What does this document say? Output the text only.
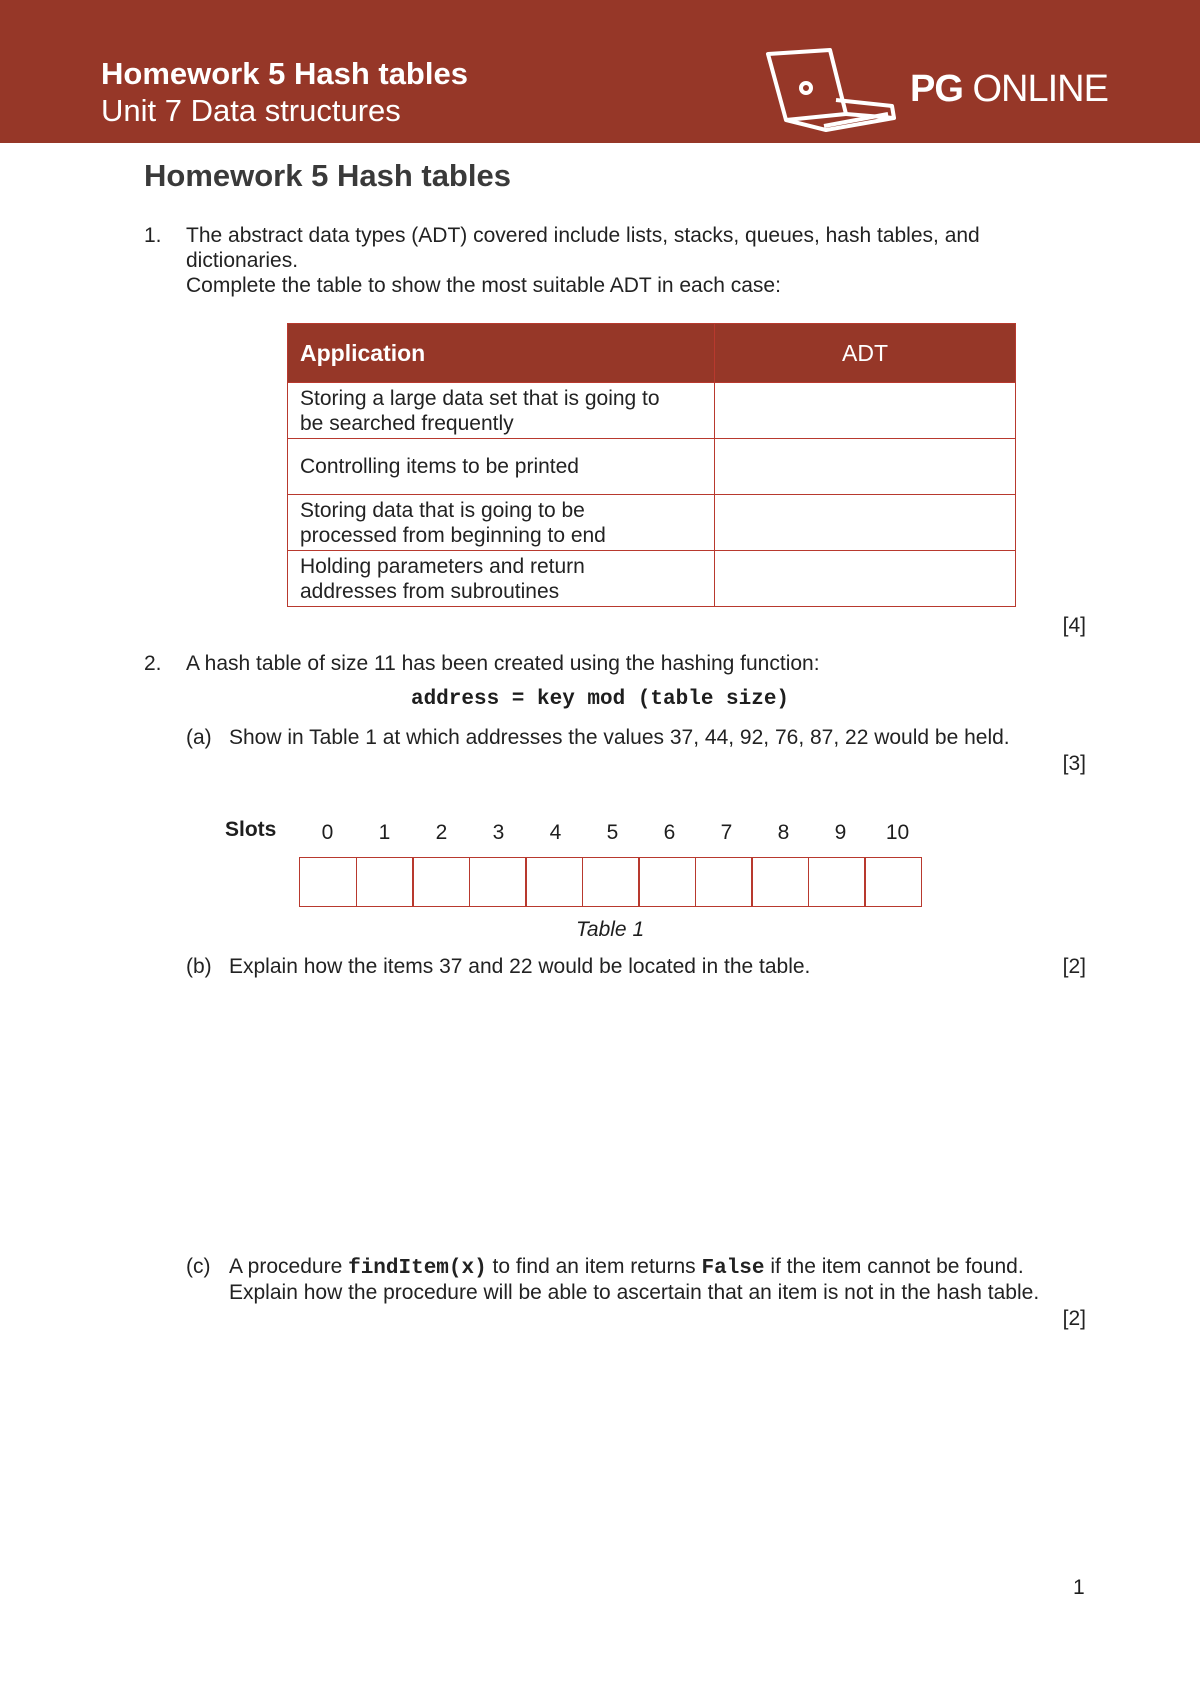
Homework 5 Hash tables
Unit 7 Data structures
PG ONLINE
Homework 5 Hash tables
1. The abstract data types (ADT) covered include lists, stacks, queues, hash tables, and
dictionaries.
Complete the table to show the most suitable ADT in each case:
Application	ADT
Storing a large data set that is going to
be searched frequently	
Controlling items to be printed	
Storing data that is going to be
processed from beginning to end	
Holding parameters and return
addresses from subroutines	
[4]
2. A hash table of size 11 has been created using the hashing function:
address = key mod (table size)
(a) Show in Table 1 at which addresses the values 37, 44, 92, 76, 87, 22 would be held.
[3]
Slots	0	1	2	3	4	5	6	7	8	9	10
Table 1
(b) Explain how the items 37 and 22 would be located in the table.	[2]
(c) A procedure findItem(x) to find an item returns False if the item cannot be found.
Explain how the procedure will be able to ascertain that an item is not in the hash table.
[2]
1
